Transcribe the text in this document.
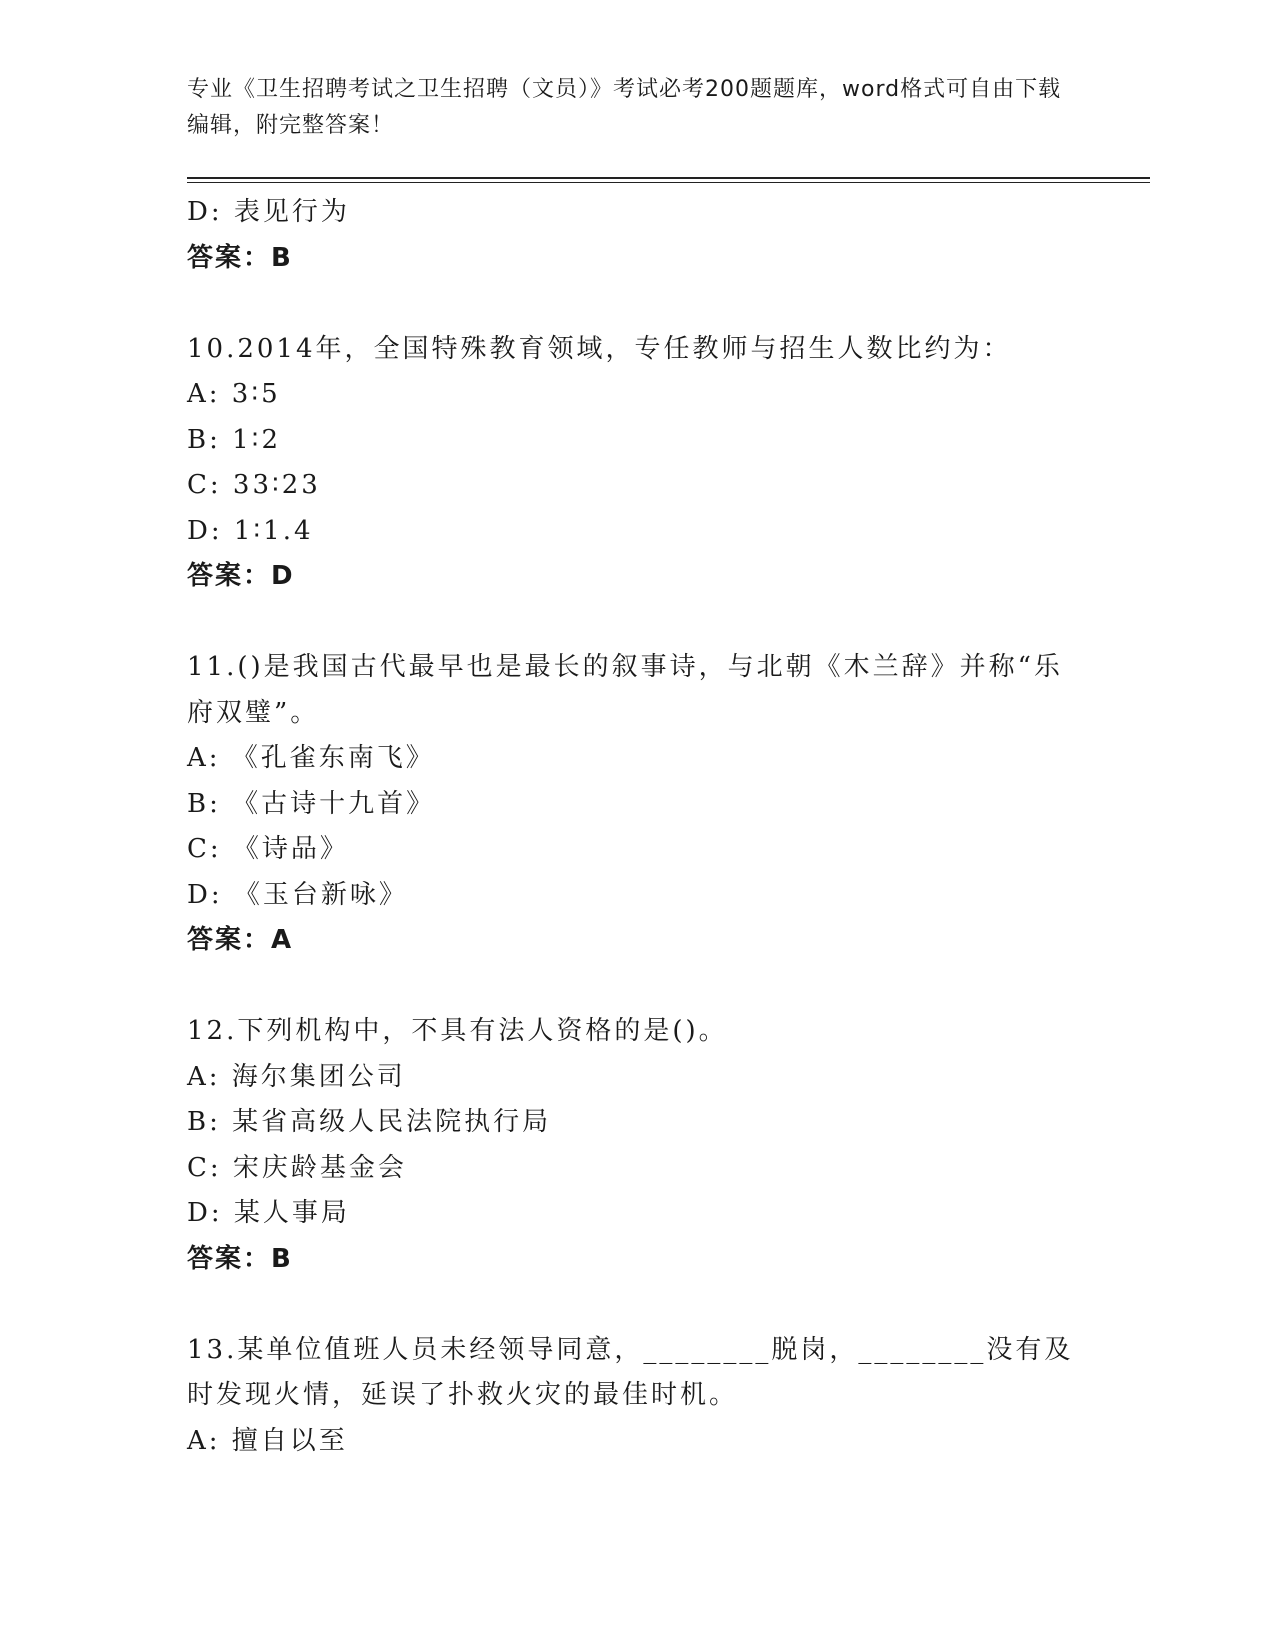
专业《卫生招聘考试之卫生招聘（文员）》考试必考200题题库，word格式可自由下载编辑，附完整答案！
D: 表见行为
答案：B
10.2014年，全国特殊教育领域，专任教师与招生人数比约为：
A: 3∶5
B: 1∶2
C: 33∶23
D: 1∶1.4
答案：D
11.()是我国古代最早也是最长的叙事诗，与北朝《木兰辞》并称“乐府双璧”。
A: 《孔雀东南飞》
B: 《古诗十九首》
C: 《诗品》
D: 《玉台新咏》
答案：A
12.下列机构中，不具有法人资格的是()。
A: 海尔集团公司
B: 某省高级人民法院执行局
C: 宋庆龄基金会
D: 某人事局
答案：B
13.某单位值班人员未经领导同意，________脱岗，________没有及时发现火情，延误了扑救火灾的最佳时机。
A: 擅自以至
